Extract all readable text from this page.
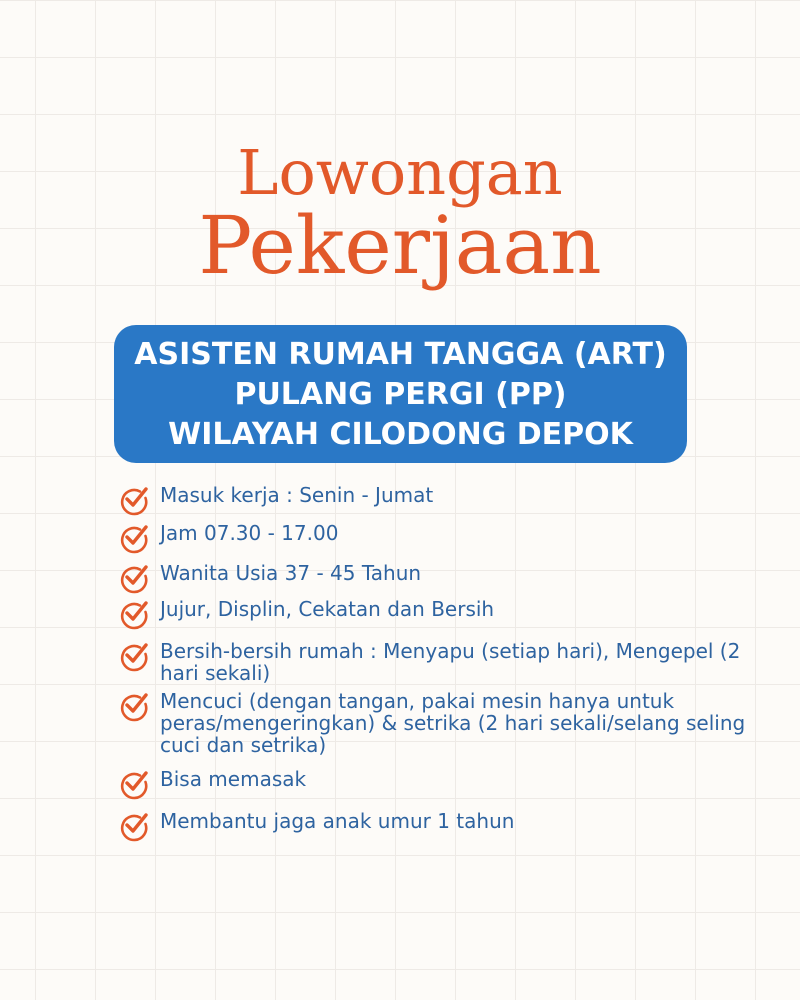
Lowongan
Pekerjaan
ASISTEN RUMAH TANGGA (ART)
PULANG PERGI (PP)
WILAYAH CILODONG DEPOK
Masuk kerja : Senin - Jumat
Jam 07.30 - 17.00
Wanita Usia 37 - 45 Tahun
Jujur, Displin, Cekatan dan Bersih
Bersih-bersih rumah : Menyapu (setiap hari), Mengepel (2 hari sekali)
Mencuci (dengan tangan, pakai mesin hanya untuk peras/mengeringkan) & setrika (2 hari sekali/selang seling cuci dan setrika)
Bisa memasak
Membantu jaga anak umur 1 tahun
